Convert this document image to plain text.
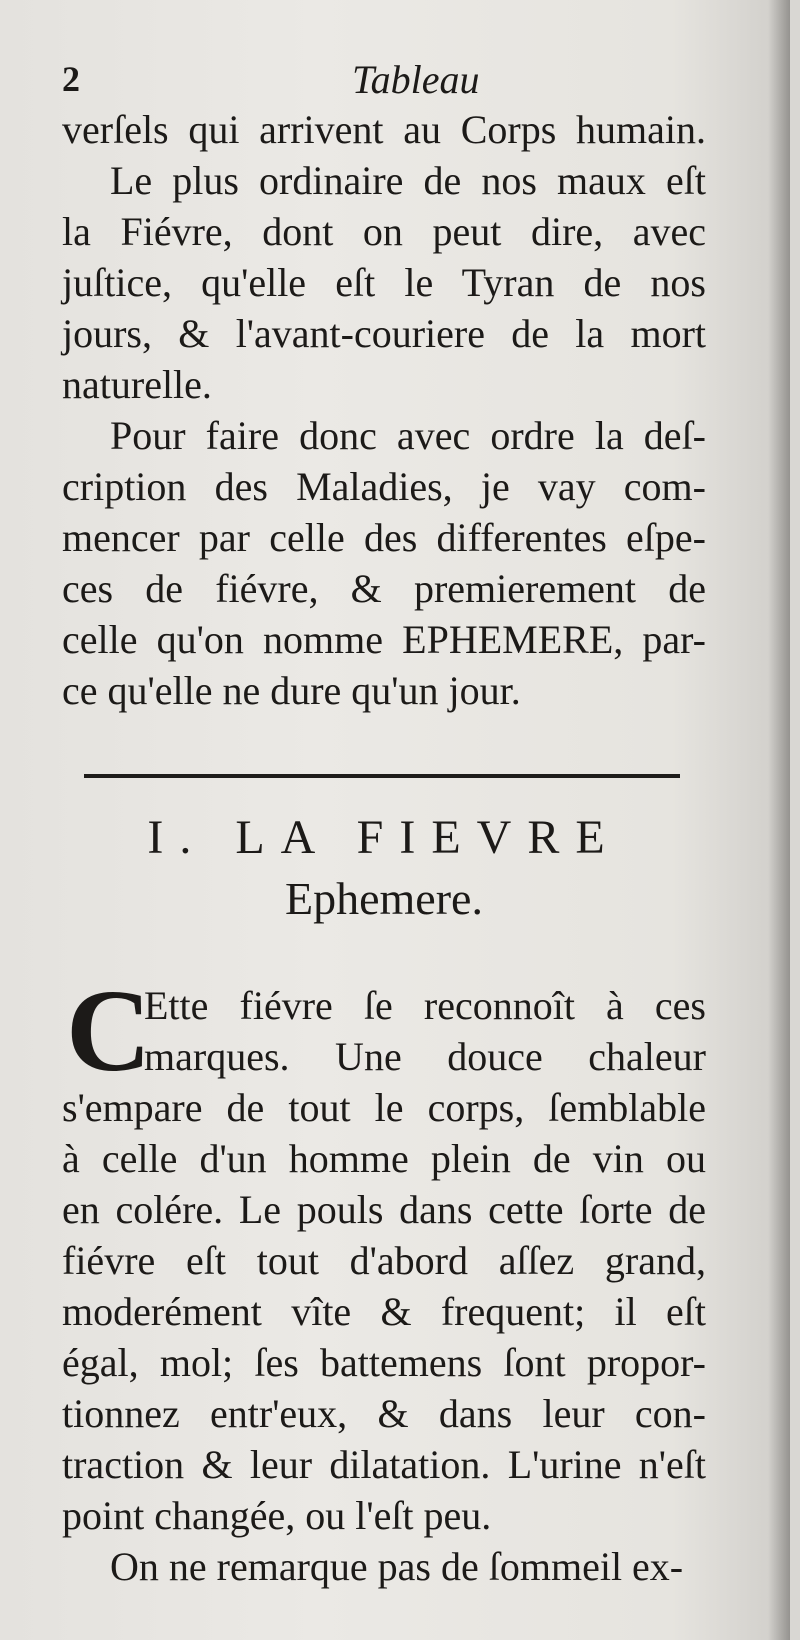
2	Tableau
verſels qui arrivent au Corps humain.
Le plus ordinaire de nos maux eſt
la Fiévre, dont on peut dire, avec
juſtice, qu'elle eſt le Tyran de nos
jours, & l'avant-couriere de la mort
naturelle.
Pour faire donc avec ordre la deſ-
cription des Maladies, je vay com-
mencer par celle des differentes eſpe-
ces de fiévre, & premierement de
celle qu'on nomme EPHEMERE, par-
ce qu'elle ne dure qu'un jour.
I. LA FIEVRE
Ephemere.
C
Ette fiévre ſe reconnoît à ces
marques. Une douce chaleur
s'empare de tout le corps, ſemblable
à celle d'un homme plein de vin ou
en colére. Le pouls dans cette ſorte de
fiévre eſt tout d'abord aſſez grand,
moderément vîte & frequent; il eſt
égal, mol; ſes battemens ſont propor-
tionnez entr'eux, & dans leur con-
traction & leur dilatation. L'urine n'eſt
point changée, ou l'eſt peu.
On ne remarque pas de ſommeil ex-
